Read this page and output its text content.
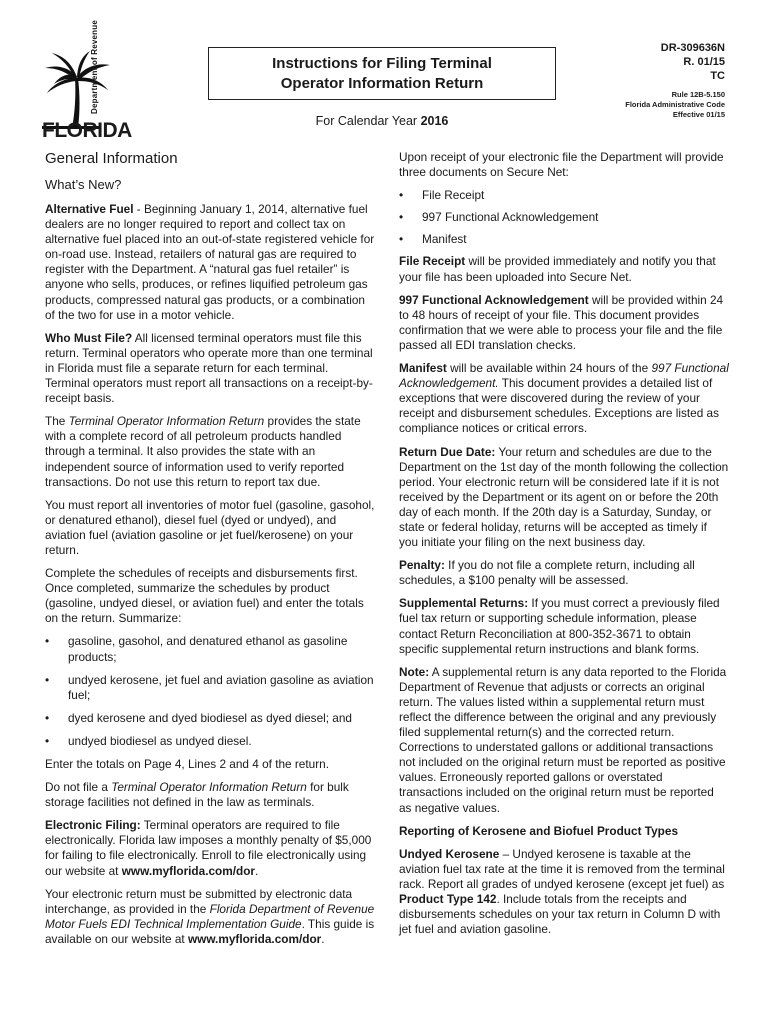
Department of Revenue
FLORIDA
Instructions for Filing Terminal
Operator Information Return
For Calendar Year 2016
DR-309636N
R. 01/15
TC
Rule 12B-5.150
Florida Administrative Code
Effective 01/15
General Information
What’s New?

Alternative Fuel - Beginning January 1, 2014, alternative fuel dealers are no longer required to report and collect tax on alternative fuel placed into an out-of-state registered vehicle for on-road use. Instead, retailers of natural gas are required to register with the Department. A “natural gas fuel retailer” is anyone who sells, produces, or refines liquified petroleum gas products, compressed natural gas products, or a combination of the two for use in a motor vehicle.

Who Must File? All licensed terminal operators must file this return. Terminal operators who operate more than one terminal in Florida must file a separate return for each terminal. Terminal operators must report all transactions on a receipt-by-receipt basis.

The Terminal Operator Information Return provides the state with a complete record of all petroleum products handled through a terminal. It also provides the state with an independent source of information used to verify reported transactions. Do not use this return to report tax due.

You must report all inventories of motor fuel (gasoline, gasohol, or denatured ethanol), diesel fuel (dyed or undyed), and aviation fuel (aviation gasoline or jet fuel/kerosene) on your return.

Complete the schedules of receipts and disbursements first. Once completed, summarize the schedules by product (gasoline, undyed diesel, or aviation fuel) and enter the totals on the return. Summarize:

• gasoline, gasohol, and denatured ethanol as gasoline products;
• undyed kerosene, jet fuel and aviation gasoline as aviation fuel;
• dyed kerosene and dyed biodiesel as dyed diesel; and
• undyed biodiesel as undyed diesel.

Enter the totals on Page 4, Lines 2 and 4 of the return.

Do not file a Terminal Operator Information Return for bulk storage facilities not defined in the law as terminals.

Electronic Filing: Terminal operators are required to file electronically. Florida law imposes a monthly penalty of $5,000 for failing to file electronically. Enroll to file electronically using our website at www.myflorida.com/dor.

Your electronic return must be submitted by electronic data interchange, as provided in the Florida Department of Revenue Motor Fuels EDI Technical Implementation Guide. This guide is available on our website at www.myflorida.com/dor.

Upon receipt of your electronic file the Department will provide three documents on Secure Net:

• File Receipt
• 997 Functional Acknowledgement
• Manifest

File Receipt will be provided immediately and notify you that your file has been uploaded into Secure Net.

997 Functional Acknowledgement will be provided within 24 to 48 hours of receipt of your file. This document provides confirmation that we were able to process your file and the file passed all EDI translation checks.

Manifest will be available within 24 hours of the 997 Functional Acknowledgement. This document provides a detailed list of exceptions that were discovered during the review of your receipt and disbursement schedules. Exceptions are listed as compliance notices or critical errors.

Return Due Date: Your return and schedules are due to the Department on the 1st day of the month following the collection period. Your electronic return will be considered late if it is not received by the Department or its agent on or before the 20th day of each month. If the 20th day is a Saturday, Sunday, or state or federal holiday, returns will be accepted as timely if you initiate your filing on the next business day.

Penalty: If you do not file a complete return, including all schedules, a $100 penalty will be assessed.

Supplemental Returns: If you must correct a previously filed fuel tax return or supporting schedule information, please contact Return Reconciliation at 800-352-3671 to obtain specific supplemental return instructions and blank forms.

Note: A supplemental return is any data reported to the Florida Department of Revenue that adjusts or corrects an original return. The values listed within a supplemental return must reflect the difference between the original and any previously filed supplemental return(s) and the corrected return. Corrections to understated gallons or additional transactions not included on the original return must be reported as positive values. Erroneously reported gallons or overstated transactions included on the original return must be reported as negative values.

Reporting of Kerosene and Biofuel Product Types

Undyed Kerosene – Undyed kerosene is taxable at the aviation fuel tax rate at the time it is removed from the terminal rack. Report all grades of undyed kerosene (except jet fuel) as Product Type 142. Include totals from the receipts and disbursements schedules on your tax return in Column D with jet fuel and aviation gasoline.
